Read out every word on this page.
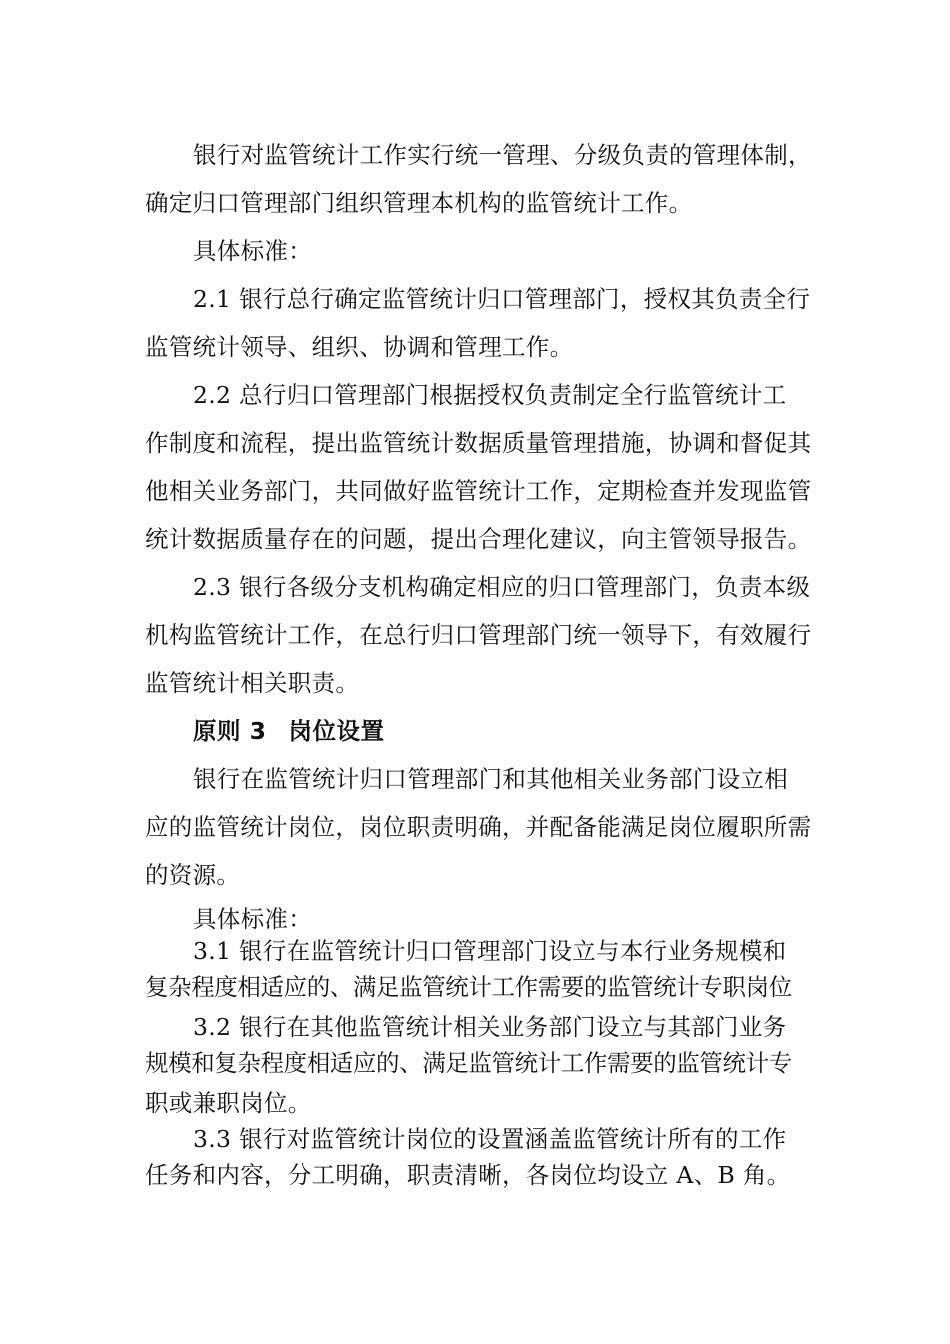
银行对监管统计工作实行统一管理、分级负责的管理体制，
确定归口管理部门组织管理本机构的监管统计工作。
具体标准：
2.1 银行总行确定监管统计归口管理部门，授权其负责全行
监管统计领导、组织、协调和管理工作。
2.2 总行归口管理部门根据授权负责制定全行监管统计工
作制度和流程，提出监管统计数据质量管理措施，协调和督促其
他相关业务部门，共同做好监管统计工作，定期检查并发现监管
统计数据质量存在的问题，提出合理化建议，向主管领导报告。
2.3 银行各级分支机构确定相应的归口管理部门，负责本级
机构监管统计工作，在总行归口管理部门统一领导下，有效履行
监管统计相关职责。
原则 3 岗位设置
银行在监管统计归口管理部门和其他相关业务部门设立相
应的监管统计岗位，岗位职责明确，并配备能满足岗位履职所需
的资源。
具体标准：
3.1 银行在监管统计归口管理部门设立与本行业务规模和
复杂程度相适应的、满足监管统计工作需要的监管统计专职岗位
3.2 银行在其他监管统计相关业务部门设立与其部门业务
规模和复杂程度相适应的、满足监管统计工作需要的监管统计专
职或兼职岗位。
3.3 银行对监管统计岗位的设置涵盖监管统计所有的工作
任务和内容，分工明确，职责清晰，各岗位均设立 A、B 角。
